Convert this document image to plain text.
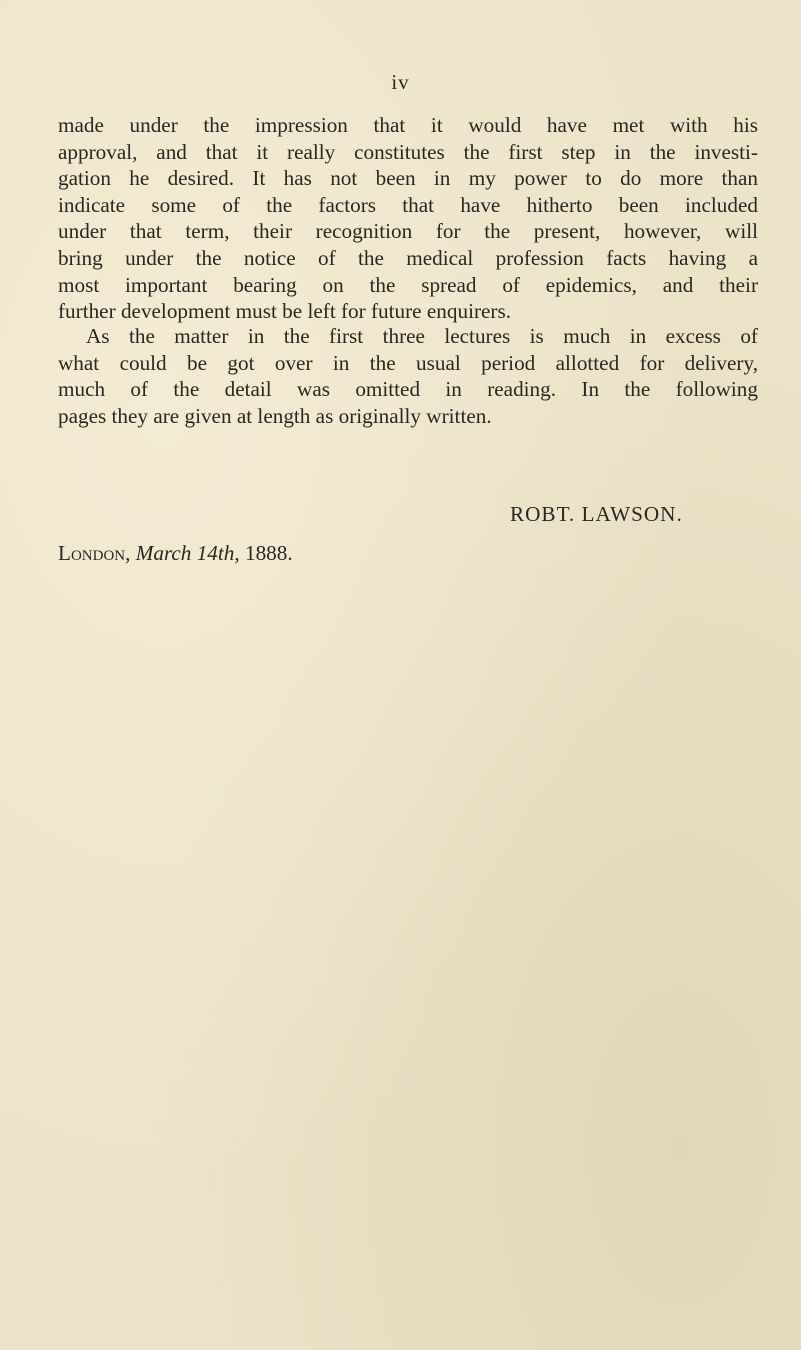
iv
made under the impression that it would have met with his
approval, and that it really constitutes the first step in the investi-
gation he desired. It has not been in my power to do more than
indicate some of the factors that have hitherto been included
under that term, their recognition for the present, however, will
bring under the notice of the medical profession facts having a
most important bearing on the spread of epidemics, and their
further development must be left for future enquirers.
As the matter in the first three lectures is much in excess of
what could be got over in the usual period allotted for delivery,
much of the detail was omitted in reading. In the following
pages they are given at length as originally written.
ROBT. LAWSON.
London, March 14th, 1888.
